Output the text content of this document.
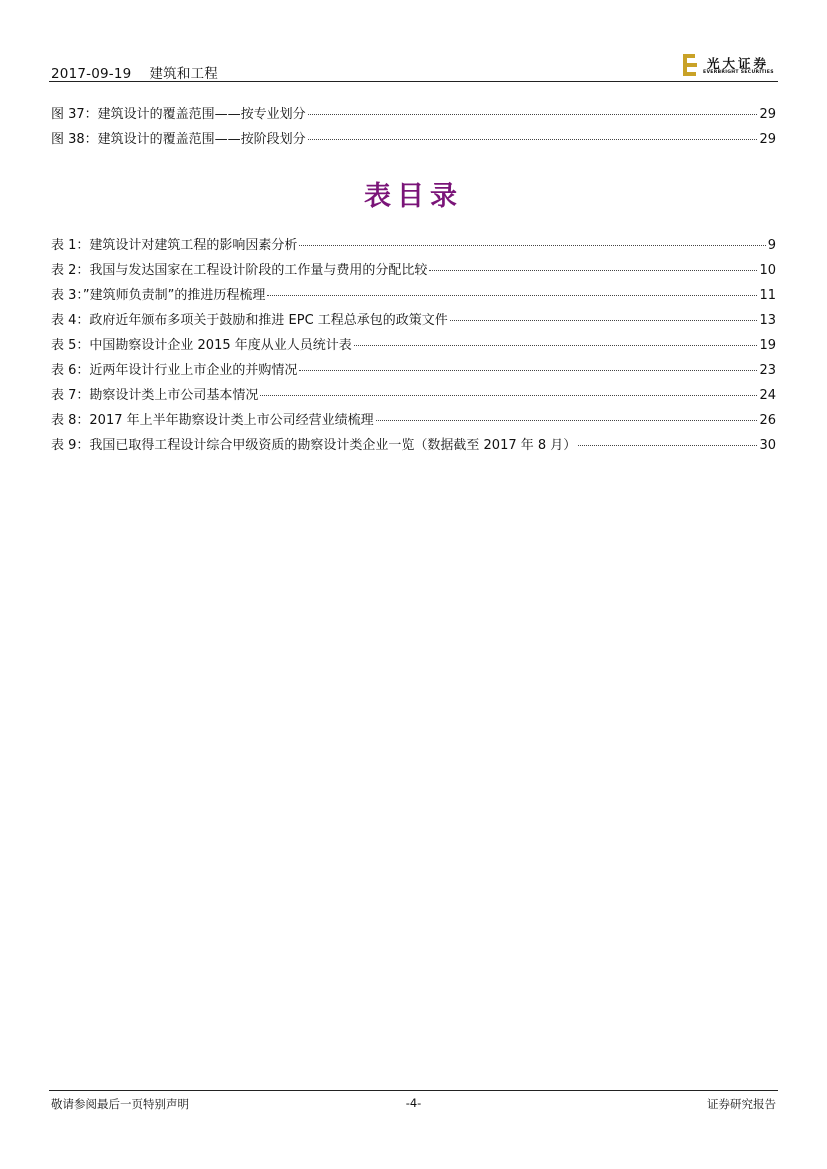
2017-09-19 建筑和工程
光大证券
EVERBRIGHT SECURITIES
图 37：建筑设计的覆盖范围——按专业划分	29
图 38：建筑设计的覆盖范围——按阶段划分	29
表目录
表 1：建筑设计对建筑工程的影响因素分析	9
表 2：我国与发达国家在工程设计阶段的工作量与费用的分配比较	10
表 3：”建筑师负责制”的推进历程梳理	11
表 4：政府近年颁布多项关于鼓励和推进 EPC 工程总承包的政策文件	13
表 5：中国勘察设计企业 2015 年度从业人员统计表	19
表 6：近两年设计行业上市企业的并购情况	23
表 7：勘察设计类上市公司基本情况	24
表 8：2017 年上半年勘察设计类上市公司经营业绩梳理	26
表 9：我国已取得工程设计综合甲级资质的勘察设计类企业一览（数据截至 2017 年 8 月）	30
敬请参阅最后一页特别声明	-4-	证券研究报告
